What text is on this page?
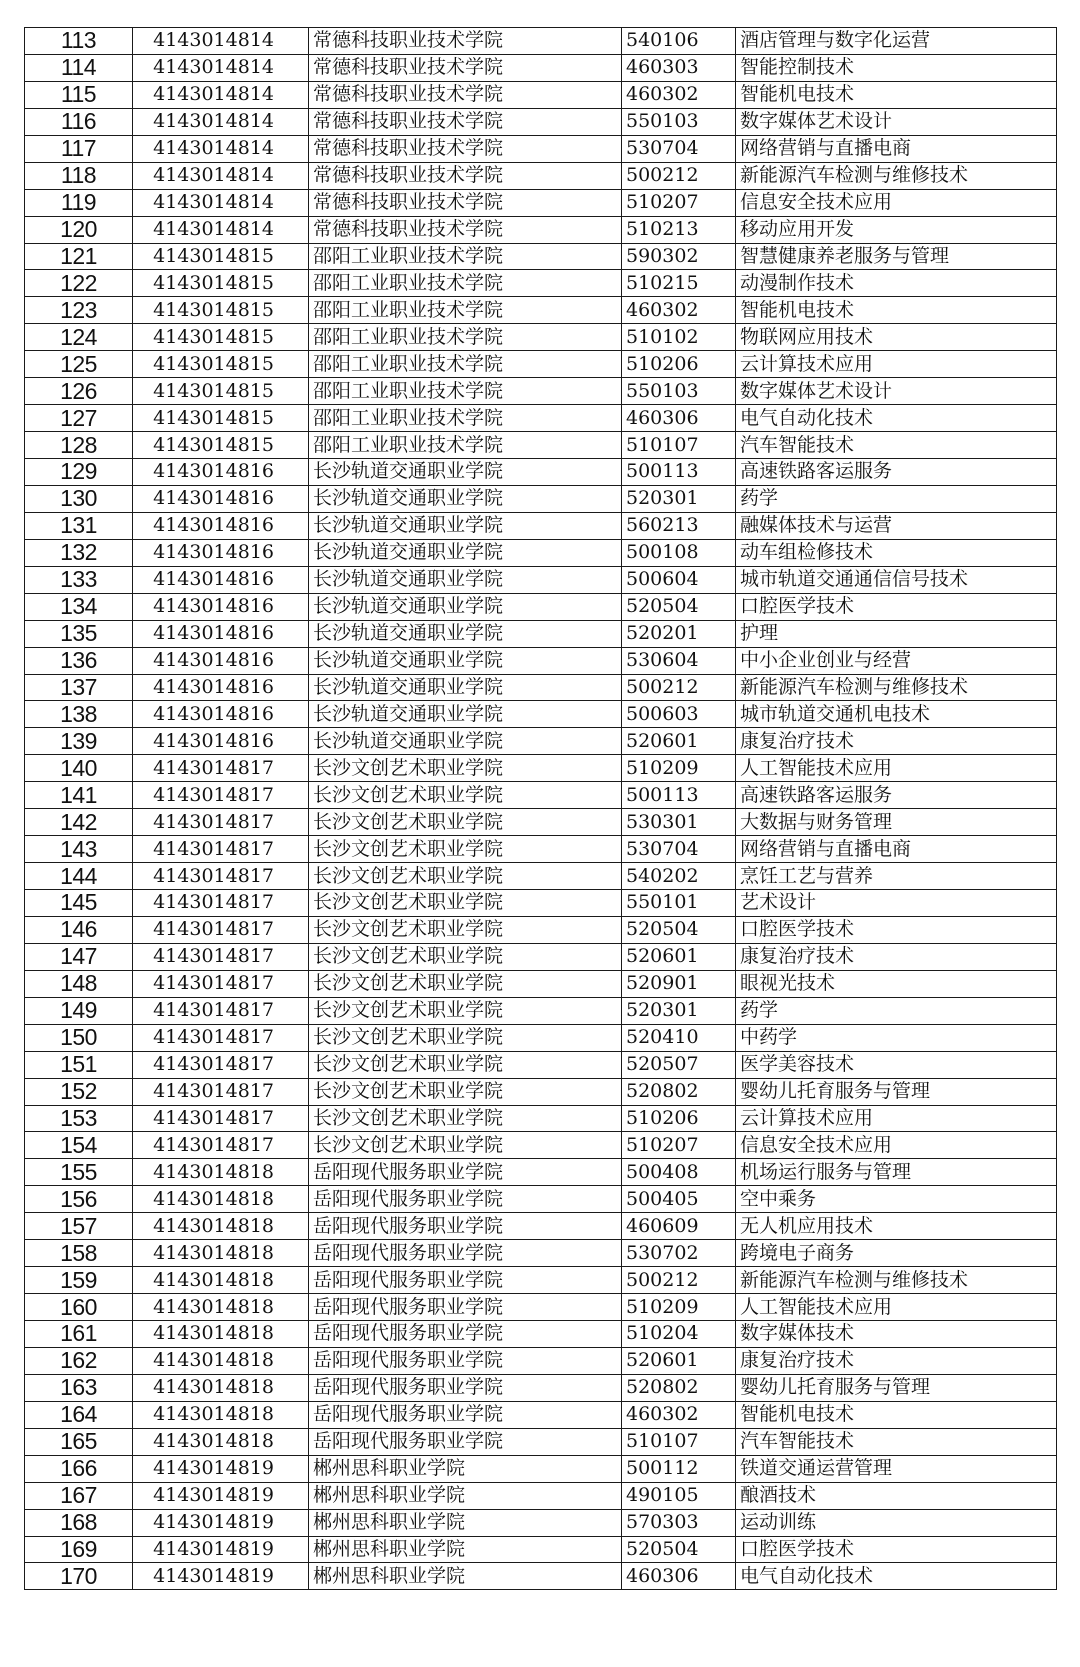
113	4143014814	常德科技职业技术学院	540106	酒店管理与数字化运营
114	4143014814	常德科技职业技术学院	460303	智能控制技术
115	4143014814	常德科技职业技术学院	460302	智能机电技术
116	4143014814	常德科技职业技术学院	550103	数字媒体艺术设计
117	4143014814	常德科技职业技术学院	530704	网络营销与直播电商
118	4143014814	常德科技职业技术学院	500212	新能源汽车检测与维修技术
119	4143014814	常德科技职业技术学院	510207	信息安全技术应用
120	4143014814	常德科技职业技术学院	510213	移动应用开发
121	4143014815	邵阳工业职业技术学院	590302	智慧健康养老服务与管理
122	4143014815	邵阳工业职业技术学院	510215	动漫制作技术
123	4143014815	邵阳工业职业技术学院	460302	智能机电技术
124	4143014815	邵阳工业职业技术学院	510102	物联网应用技术
125	4143014815	邵阳工业职业技术学院	510206	云计算技术应用
126	4143014815	邵阳工业职业技术学院	550103	数字媒体艺术设计
127	4143014815	邵阳工业职业技术学院	460306	电气自动化技术
128	4143014815	邵阳工业职业技术学院	510107	汽车智能技术
129	4143014816	长沙轨道交通职业学院	500113	高速铁路客运服务
130	4143014816	长沙轨道交通职业学院	520301	药学
131	4143014816	长沙轨道交通职业学院	560213	融媒体技术与运营
132	4143014816	长沙轨道交通职业学院	500108	动车组检修技术
133	4143014816	长沙轨道交通职业学院	500604	城市轨道交通通信信号技术
134	4143014816	长沙轨道交通职业学院	520504	口腔医学技术
135	4143014816	长沙轨道交通职业学院	520201	护理
136	4143014816	长沙轨道交通职业学院	530604	中小企业创业与经营
137	4143014816	长沙轨道交通职业学院	500212	新能源汽车检测与维修技术
138	4143014816	长沙轨道交通职业学院	500603	城市轨道交通机电技术
139	4143014816	长沙轨道交通职业学院	520601	康复治疗技术
140	4143014817	长沙文创艺术职业学院	510209	人工智能技术应用
141	4143014817	长沙文创艺术职业学院	500113	高速铁路客运服务
142	4143014817	长沙文创艺术职业学院	530301	大数据与财务管理
143	4143014817	长沙文创艺术职业学院	530704	网络营销与直播电商
144	4143014817	长沙文创艺术职业学院	540202	烹饪工艺与营养
145	4143014817	长沙文创艺术职业学院	550101	艺术设计
146	4143014817	长沙文创艺术职业学院	520504	口腔医学技术
147	4143014817	长沙文创艺术职业学院	520601	康复治疗技术
148	4143014817	长沙文创艺术职业学院	520901	眼视光技术
149	4143014817	长沙文创艺术职业学院	520301	药学
150	4143014817	长沙文创艺术职业学院	520410	中药学
151	4143014817	长沙文创艺术职业学院	520507	医学美容技术
152	4143014817	长沙文创艺术职业学院	520802	婴幼儿托育服务与管理
153	4143014817	长沙文创艺术职业学院	510206	云计算技术应用
154	4143014817	长沙文创艺术职业学院	510207	信息安全技术应用
155	4143014818	岳阳现代服务职业学院	500408	机场运行服务与管理
156	4143014818	岳阳现代服务职业学院	500405	空中乘务
157	4143014818	岳阳现代服务职业学院	460609	无人机应用技术
158	4143014818	岳阳现代服务职业学院	530702	跨境电子商务
159	4143014818	岳阳现代服务职业学院	500212	新能源汽车检测与维修技术
160	4143014818	岳阳现代服务职业学院	510209	人工智能技术应用
161	4143014818	岳阳现代服务职业学院	510204	数字媒体技术
162	4143014818	岳阳现代服务职业学院	520601	康复治疗技术
163	4143014818	岳阳现代服务职业学院	520802	婴幼儿托育服务与管理
164	4143014818	岳阳现代服务职业学院	460302	智能机电技术
165	4143014818	岳阳现代服务职业学院	510107	汽车智能技术
166	4143014819	郴州思科职业学院	500112	铁道交通运营管理
167	4143014819	郴州思科职业学院	490105	酿酒技术
168	4143014819	郴州思科职业学院	570303	运动训练
169	4143014819	郴州思科职业学院	520504	口腔医学技术
170	4143014819	郴州思科职业学院	460306	电气自动化技术
